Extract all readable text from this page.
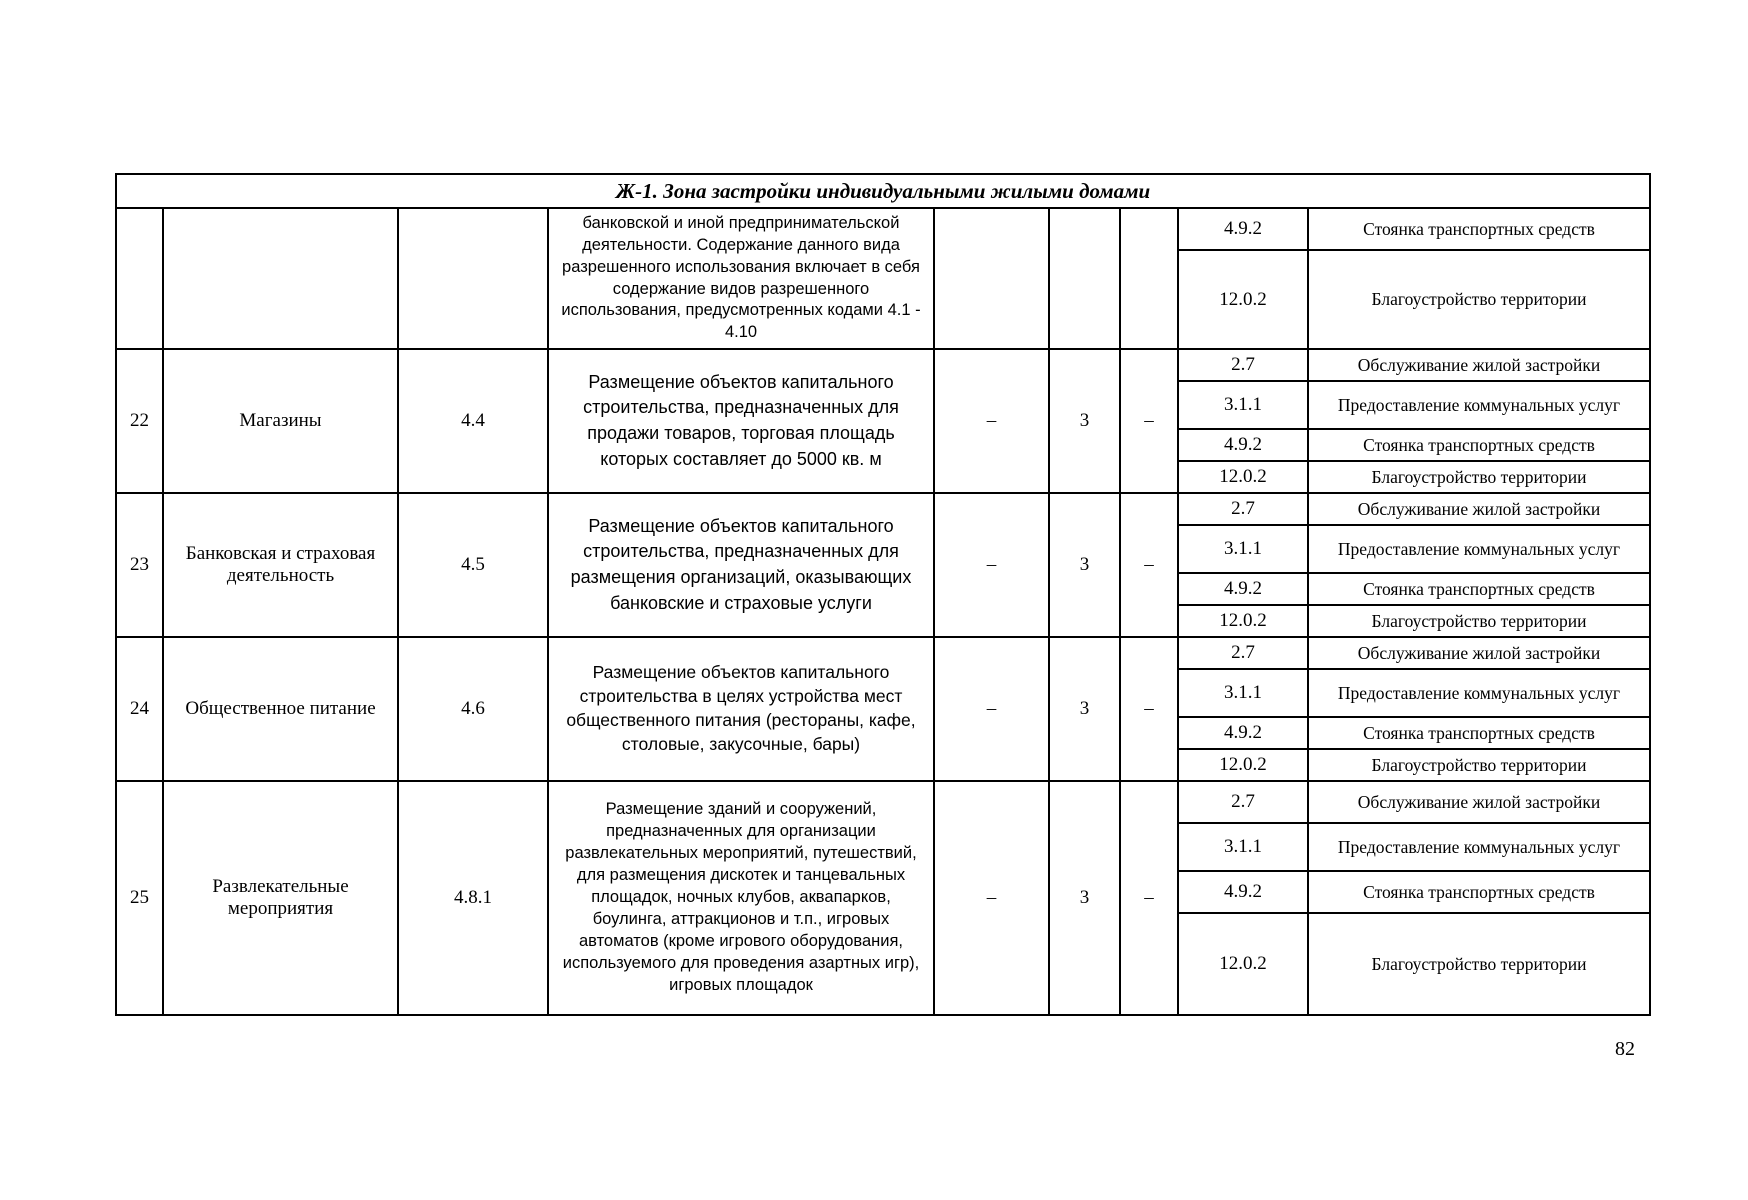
Ж-1. Зона застройки индивидуальными жилыми домами								
			банковской и иной предпринимательской деятельности. Содержание данного вида разрешенного использования включает в себя содержание видов разрешенного использования, предусмотренных кодами 4.1 - 4.10				4.9.2	Стоянка транспортных средств
							12.0.2	Благоустройство территории
22	Магазины	4.4	Размещение объектов капитального строительства, предназначенных для продажи товаров, торговая площадь которых составляет до 5000 кв. м	–	3	–	2.7	Обслуживание жилой застройки
							3.1.1	Предоставление коммунальных услуг
							4.9.2	Стоянка транспортных средств
							12.0.2	Благоустройство территории
23	Банковская и страховая деятельность	4.5	Размещение объектов капитального строительства, предназначенных для размещения организаций, оказывающих банковские и страховые услуги	–	3	–	2.7	Обслуживание жилой застройки
							3.1.1	Предоставление коммунальных услуг
							4.9.2	Стоянка транспортных средств
							12.0.2	Благоустройство территории
24	Общественное питание	4.6	Размещение объектов капитального строительства в целях устройства мест общественного питания (рестораны, кафе, столовые, закусочные, бары)	–	3	–	2.7	Обслуживание жилой застройки
							3.1.1	Предоставление коммунальных услуг
							4.9.2	Стоянка транспортных средств
							12.0.2	Благоустройство территории
25	Развлекательные мероприятия	4.8.1	Размещение зданий и сооружений, предназначенных для организации развлекательных мероприятий, путешествий, для размещения дискотек и танцевальных площадок, ночных клубов, аквапарков, боулинга, аттракционов и т.п., игровых автоматов (кроме игрового оборудования, используемого для проведения азартных игр), игровых площадок	–	3	–	2.7	Обслуживание жилой застройки
							3.1.1	Предоставление коммунальных услуг
							4.9.2	Стоянка транспортных средств
							12.0.2	Благоустройство территории
82
